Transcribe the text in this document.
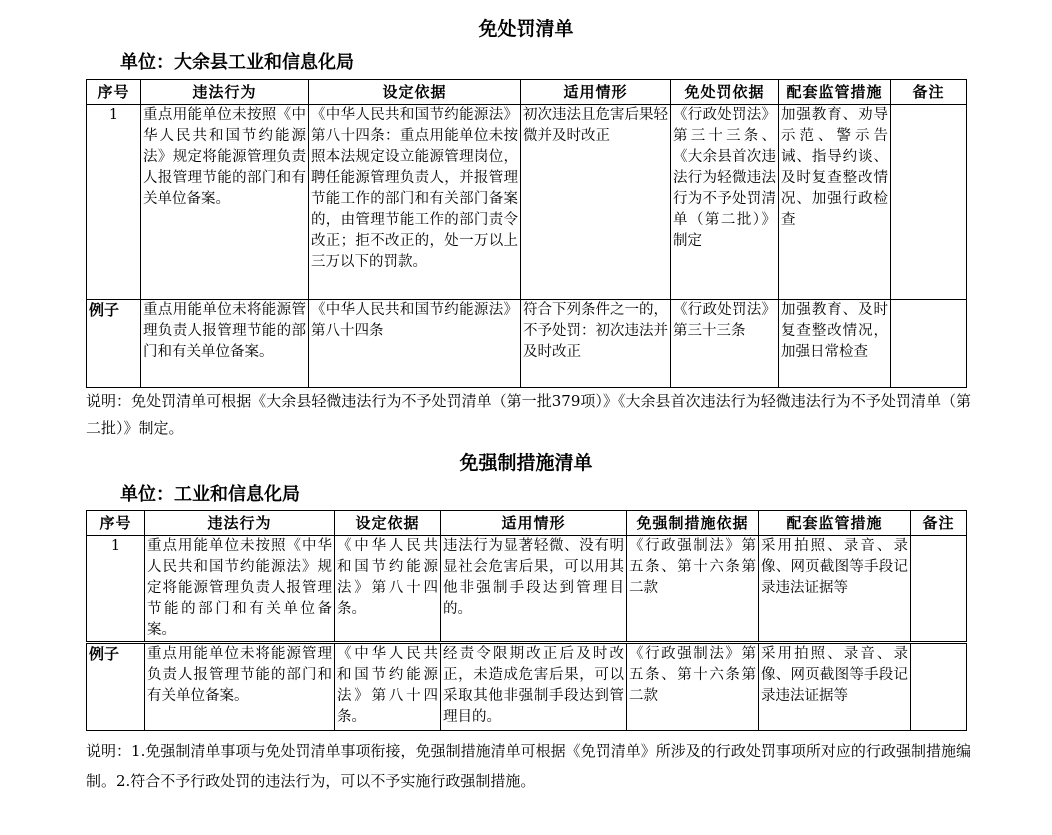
免处罚清单
单位：大余县工业和信息化局
序号	违法行为	设定依据	适用情形	免处罚依据	配套监管措施	备注
1	重点用能单位未按照《中华人民共和国节约能源法》规定将能源管理负责人报管理节能的部门和有关单位备案。	《中华人民共和国节约能源法》第八十四条：重点用能单位未按照本法规定设立能源管理岗位，聘任能源管理负责人，并报管理节能工作的部门和有关部门备案的，由管理节能工作的部门责令改正；拒不改正的，处一万以上三万以下的罚款。	初次违法且危害后果轻微并及时改正	《行政处罚法》第三十三条、《大余县首次违法行为轻微违法行为不予处罚清单（第二批）》制定	加强教育、劝导示范、警示告诫、指导约谈、及时复查整改情况、加强行政检查	
例子	重点用能单位未将能源管理负责人报管理节能的部门和有关单位备案。	《中华人民共和国节约能源法》第八十四条	符合下列条件之一的，不予处罚：初次违法并及时改正	《行政处罚法》第三十三条	加强教育、及时复查整改情况，加强日常检查	
说明：免处罚清单可根据《大余县轻微违法行为不予处罚清单（第一批379项）》《大余县首次违法行为轻微违法行为不予处罚清单（第二批）》制定。
免强制措施清单
单位：工业和信息化局
序号	违法行为	设定依据	适用情形	免强制措施依据	配套监管措施	备注
1	重点用能单位未按照《中华人民共和国节约能源法》规定将能源管理负责人报管理节能的部门和有关单位备案。	《中华人民共和国节约能源法》第八十四条。	违法行为显著轻微、没有明显社会危害后果，可以用其他非强制手段达到管理目的。	《行政强制法》第五条、第十六条第二款	采用拍照、录音、录像、网页截图等手段记录违法证据等	
例子	重点用能单位未将能源管理负责人报管理节能的部门和有关单位备案。	《中华人民共和国节约能源法》第八十四条。	经责令限期改正后及时改正，未造成危害后果，可以采取其他非强制手段达到管理目的。	《行政强制法》第五条、第十六条第二款	采用拍照、录音、录像、网页截图等手段记录违法证据等	
说明：1.免强制清单事项与免处罚清单事项衔接，免强制措施清单可根据《免罚清单》所涉及的行政处罚事项所对应的行政强制措施编制。2.符合不予行政处罚的违法行为，可以不予实施行政强制措施。
